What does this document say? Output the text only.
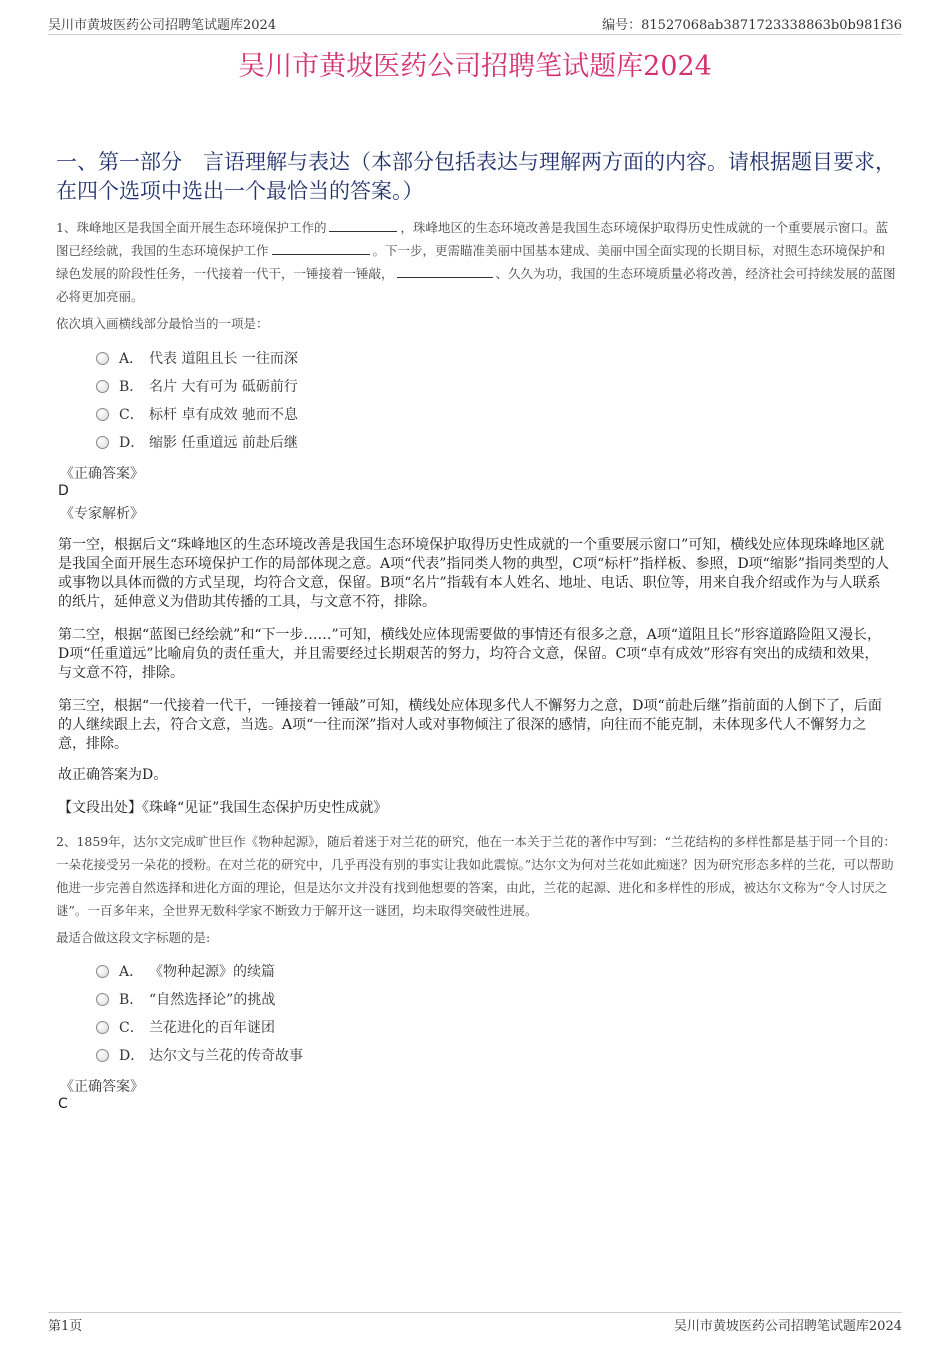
吴川市黄坡医药公司招聘笔试题库2024	编号：81527068ab3871723338863b0b981f36
吴川市黄坡医药公司招聘笔试题库2024
一、第一部分　言语理解与表达（本部分包括表达与理解两方面的内容。请根据题目要求，在四个选项中选出一个最恰当的答案。）
1、珠峰地区是我国全面开展生态环境保护工作的	，珠峰地区的生态环境改善是我国生态环境保护取得历史性成就的一个重要展示窗口。蓝图已经绘就，我国的生态环境保护工作	。下一步，更需瞄准美丽中国基本建成、美丽中国全面实现的长期目标，对照生态环境保护和绿色发展的阶段性任务，一代接着一代干，一锤接着一锤敲，	、久久为功，我国的生态环境质量必将改善，经济社会可持续发展的蓝图必将更加亮丽。
依次填入画横线部分最恰当的一项是：
A． 代表 道阻且长 一往而深
B． 名片 大有可为 砥砺前行
C． 标杆 卓有成效 驰而不息
D． 缩影 任重道远 前赴后继
《正确答案》
D
《专家解析》
第一空，根据后文“珠峰地区的生态环境改善是我国生态环境保护取得历史性成就的一个重要展示窗口”可知，横线处应体现珠峰地区就是我国全面开展生态环境保护工作的局部体现之意。A项“代表”指同类人物的典型，C项“标杆”指样板、参照，D项“缩影”指同类型的人或事物以具体而微的方式呈现，均符合文意，保留。B项“名片”指载有本人姓名、地址、电话、职位等，用来自我介绍或作为与人联系的纸片，延伸意义为借助其传播的工具，与文意不符，排除。
第二空，根据“蓝图已经绘就”和“下一步……”可知，横线处应体现需要做的事情还有很多之意，A项“道阻且长”形容道路险阻又漫长，D项“任重道远”比喻肩负的责任重大，并且需要经过长期艰苦的努力，均符合文意，保留。C项“卓有成效”形容有突出的成绩和效果，与文意不符，排除。
第三空，根据“一代接着一代干，一锤接着一锤敲”可知，横线处应体现多代人不懈努力之意，D项“前赴后继”指前面的人倒下了，后面的人继续跟上去，符合文意，当选。A项“一往而深”指对人或对事物倾注了很深的感情，向往而不能克制，未体现多代人不懈努力之意，排除。
故正确答案为D。
【文段出处】《珠峰“见证”我国生态保护历史性成就》
2、1859年，达尔文完成旷世巨作《物种起源》，随后着迷于对兰花的研究，他在一本关于兰花的著作中写到：“兰花结构的多样性都是基于同一个目的：一朵花接受另一朵花的授粉。在对兰花的研究中，几乎再没有别的事实让我如此震惊。”达尔文为何对兰花如此痴迷？因为研究形态多样的兰花，可以帮助他进一步完善自然选择和进化方面的理论，但是达尔文并没有找到他想要的答案，由此，兰花的起源、进化和多样性的形成，被达尔文称为“令人讨厌之谜”。一百多年来，全世界无数科学家不断致力于解开这一谜团，均未取得突破性进展。
最适合做这段文字标题的是:
A． 《物种起源》的续篇
B． “自然选择论”的挑战
C． 兰花进化的百年谜团
D． 达尔文与兰花的传奇故事
《正确答案》
C
第1页	吴川市黄坡医药公司招聘笔试题库2024
